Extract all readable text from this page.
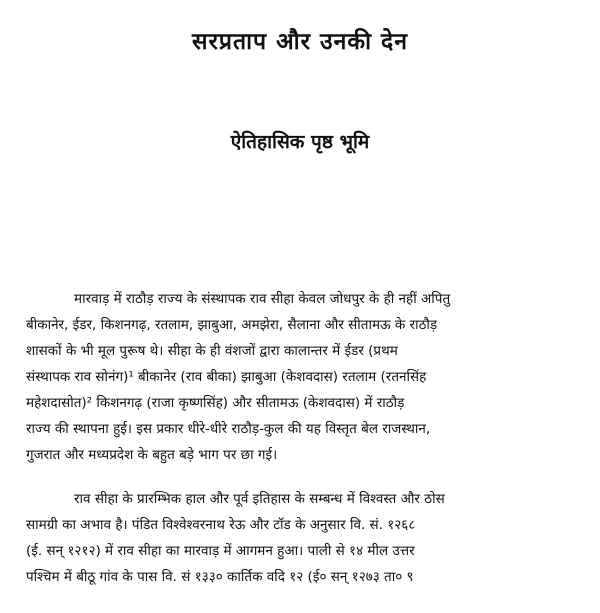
सरप्रताप और उनकी देन
ऐतिहासिक पृष्ठ भूमि
मारवाड़ में राठौड़ राज्य के संस्थापक राव सीहा केवल जोधपुर के ही नहीं अपितु
बीकानेर, ईडर, किशनगढ़, रतलाम, झाबुआ, अमझेरा, सैलाना और सीतामऊ के राठौड़
शासकों के भी मूल पुरूष थे। सीहा के ही वंशजों द्वारा कालान्तर में ईडर (प्रथम
संस्थापक राव सोनंग)¹ बीकानेर (राव बीका) झाबुआ (केशवदास) रतलाम (रतनसिंह
महेशदासोत)² किशनगढ़ (राजा कृष्णसिंह) और सीतामऊ (केशवदास) में राठौड़
राज्य की स्थापना हुई। इस प्रकार धीरे-धीरे राठौड़-कुल की यह विस्तृत बेल राजस्थान,
गुजरात और मध्यप्रदेश के बहुत बड़े भाग पर छा गई।
राव सीहा के प्रारम्भिक हाल और पूर्व इतिहास के सम्बन्ध में विश्वस्त और ठोस
सामग्री का अभाव है। पंडित विश्वेश्वरनाथ रेऊ और टॉड के अनुसार वि. सं. १२६८
(ई. सन् १२१२) में राव सीहा का मारवाड़ में आगमन हुआ। पाली से १४ मील उत्तर
पश्चिम में बीठू गांव के पास वि. सं १३३० कार्तिक वदि १२ (ई० सन् १२७३ ता० ९
